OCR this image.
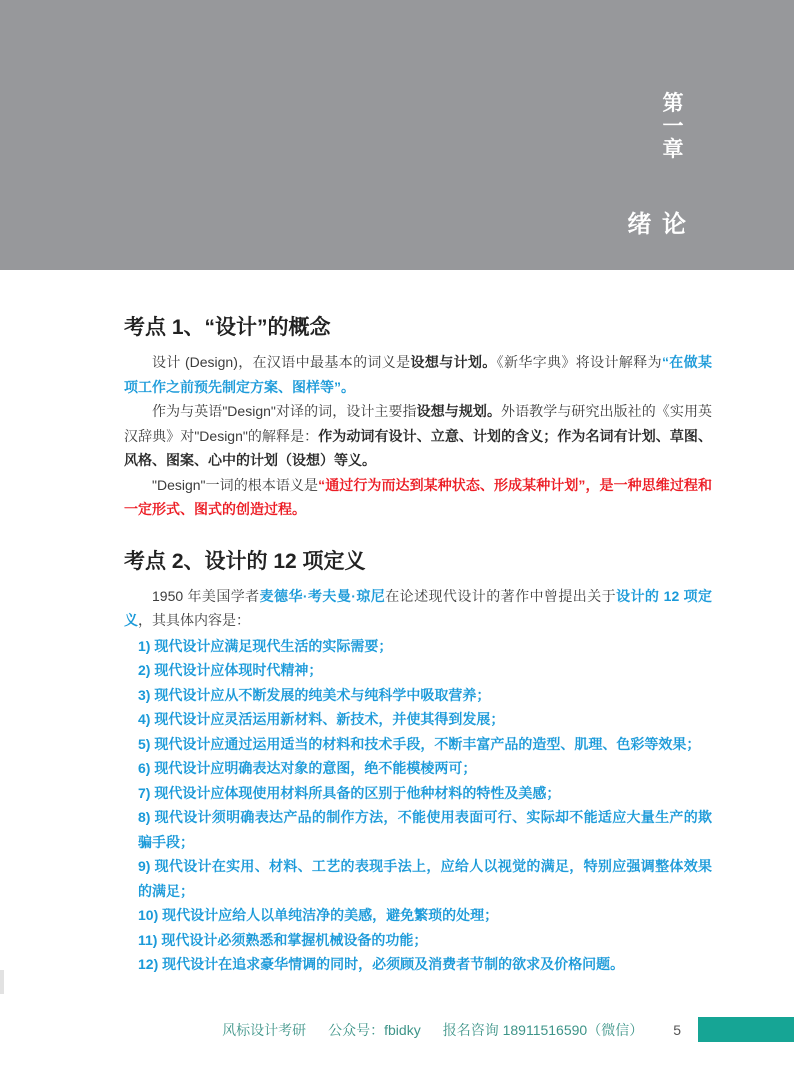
第
一
章
绪 论
考点 1、“设计”的概念

设计 (Design)，在汉语中最基本的词义是设想与计划。《新华字典》将设计解释为“在做某项工作之前预先制定方案、图样等”。

作为与英语"Design"对译的词，设计主要指设想与规划。外语教学与研究出版社的《实用英汉辞典》对"Design"的解释是：作为动词有设计、立意、计划的含义；作为名词有计划、草图、风格、图案、心中的计划（设想）等义。

"Design"一词的根本语义是“通过行为而达到某种状态、形成某种计划”，是一种思维过程和一定形式、图式的创造过程。

考点 2、设计的 12 项定义

1950 年美国学者麦德华·考夫曼·琼尼在论述现代设计的著作中曾提出关于设计的 12 项定义，其具体内容是：

1) 现代设计应满足现代生活的实际需要；
2) 现代设计应体现时代精神；
3) 现代设计应从不断发展的纯美术与纯科学中吸取营养；
4) 现代设计应灵活运用新材料、新技术，并使其得到发展；
5) 现代设计应通过运用适当的材料和技术手段，不断丰富产品的造型、肌理、色彩等效果；
6) 现代设计应明确表达对象的意图，绝不能模棱两可；
7) 现代设计应体现使用材料所具备的区别于他种材料的特性及美感；
8) 现代设计须明确表达产品的制作方法，不能使用表面可行、实际却不能适应大量生产的欺骗手段；
9) 现代设计在实用、材料、工艺的表现手法上，应给人以视觉的满足，特别应强调整体效果的满足；
10) 现代设计应给人以单纯洁净的美感，避免繁琐的处理；
11) 现代设计必须熟悉和掌握机械设备的功能；
12) 现代设计在追求豪华情调的同时，必须顾及消费者节制的欲求及价格问题。
风标设计考研 公众号：fbidky 报名咨询 18911516590（微信） 5
